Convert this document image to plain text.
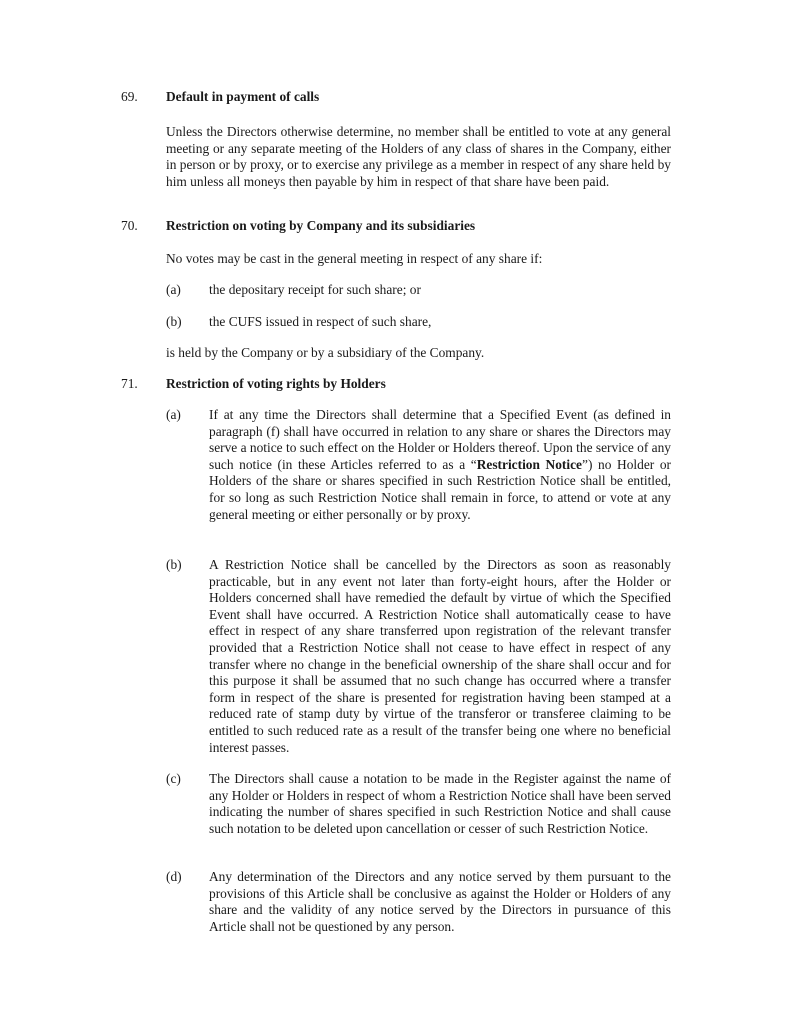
69.	Default in payment of calls
Unless the Directors otherwise determine, no member shall be entitled to vote at any general meeting or any separate meeting of the Holders of any class of shares in the Company, either in person or by proxy, or to exercise any privilege as a member in respect of any share held by him unless all moneys then payable by him in respect of that share have been paid.
70.	Restriction on voting by Company and its subsidiaries
No votes may be cast in the general meeting in respect of any share if:
(a)	the depositary receipt for such share; or
(b)	the CUFS issued in respect of such share,
is held by the Company or by a subsidiary of the Company.
71.	Restriction of voting rights by Holders
(a)	If at any time the Directors shall determine that a Specified Event (as defined in paragraph (f) shall have occurred in relation to any share or shares the Directors may serve a notice to such effect on the Holder or Holders thereof. Upon the service of any such notice (in these Articles referred to as a “Restriction Notice”) no Holder or Holders of the share or shares specified in such Restriction Notice shall be entitled, for so long as such Restriction Notice shall remain in force, to attend or vote at any general meeting or either personally or by proxy.
(b)	A Restriction Notice shall be cancelled by the Directors as soon as reasonably practicable, but in any event not later than forty-eight hours, after the Holder or Holders concerned shall have remedied the default by virtue of which the Specified Event shall have occurred. A Restriction Notice shall automatically cease to have effect in respect of any share transferred upon registration of the relevant transfer provided that a Restriction Notice shall not cease to have effect in respect of any transfer where no change in the beneficial ownership of the share shall occur and for this purpose it shall be assumed that no such change has occurred where a transfer form in respect of the share is presented for registration having been stamped at a reduced rate of stamp duty by virtue of the transferor or transferee claiming to be entitled to such reduced rate as a result of the transfer being one where no beneficial interest passes.
(c)	The Directors shall cause a notation to be made in the Register against the name of any Holder or Holders in respect of whom a Restriction Notice shall have been served indicating the number of shares specified in such Restriction Notice and shall cause such notation to be deleted upon cancellation or cesser of such Restriction Notice.
(d)	Any determination of the Directors and any notice served by them pursuant to the provisions of this Article shall be conclusive as against the Holder or Holders of any share and the validity of any notice served by the Directors in pursuance of this Article shall not be questioned by any person.
